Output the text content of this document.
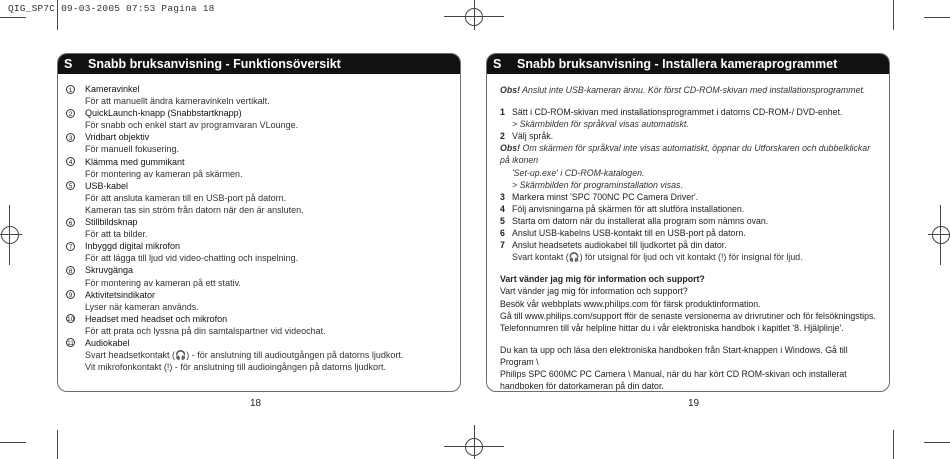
QIG_SP7C 09-03-2005 07:53 Pagina 18
S	Snabb bruksanvisning - Funktionsöversikt
1 Kameravinkel
För att manuellt ändra kameravinkeln vertikalt.
2 QuickLaunch-knapp (Snabbstartknapp)
För snabb och enkel start av programvaran VLounge.
3 Vridbart objektiv
För manuell fokusering.
4 Klämma med gummikant
För montering av kameran på skärmen.
5 USB-kabel
För att ansluta kameran till en USB-port på datorn.
Kameran tas sin ström från datorn när den är ansluten.
6 Stillbildsknap
För att ta bilder.
7 Inbyggd digital mikrofon
För att lägga till ljud vid video-chatting och inspelning.
8 Skruvgänga
För montering av kameran på ett stativ.
9 Aktivitetsindikator
Lyser när kameran används.
10 Headset med headset och mikrofon
För att prata och lyssna på din samtalspartner vid videochat.
11 Audiokabel
Svart headsetkontakt (🎧) - för anslutning till audioutgången på datorns ljudkort.
Vit mikrofonkontakt (!) - för anslutning till audioingången på datorns ljudkort.
18
S	Snabb bruksanvisning - Installera kameraprogrammet
Obs! Anslut inte USB-kameran ännu. Kör först CD-ROM-skivan med installationsprogrammet.
1 Sätt i CD-ROM-skivan med installationsprogrammet i datorns CD-ROM-/ DVD-enhet.
> Skärmbilden för språkval visas automatiskt.
2 Välj språk.
Obs! Om skärmen för språkval inte visas automatiskt, öppnar du Utforskaren och dubbelklickar på ikonen
'Set-up.exe' i CD-ROM-katalogen.
> Skärmbilden för programinstallation visas.
3 Markera minst 'SPC 700NC PC Camera Driver'.
4 Följ anvisningarna på skärmen för att slutföra installationen.
5 Starta om datorn när du installerat alla program som nämns ovan.
6 Anslut USB-kabelns USB-kontakt till en USB-port på datorn.
7 Anslut headsetets audiokabel till ljudkortet på din dator.
Svart kontakt (🎧) för utsignal för ljud och vit kontakt (!) för insignal för ljud.
Vart vänder jag mig för information och support?
Vart vänder jag mig för information och support?
Besök vår webbplats www.philips.com för färsk produktinformation.
Gå till www.philips.com/support fför de senaste versionerna av drivrutiner och för felsökningstips.
Telefonnumren till vår helpline hittar du i vår elektroniska handbok i kapitlet '8. Hjälplinje'.
Du kan ta upp och läsa den elektroniska handboken från Start-knappen i Windows. Gå till Program \
Philips SPC 600MC PC Camera \ Manual, när du har kört CD ROM-skivan och installerat
handboken för datorkameran på din dator.
19
